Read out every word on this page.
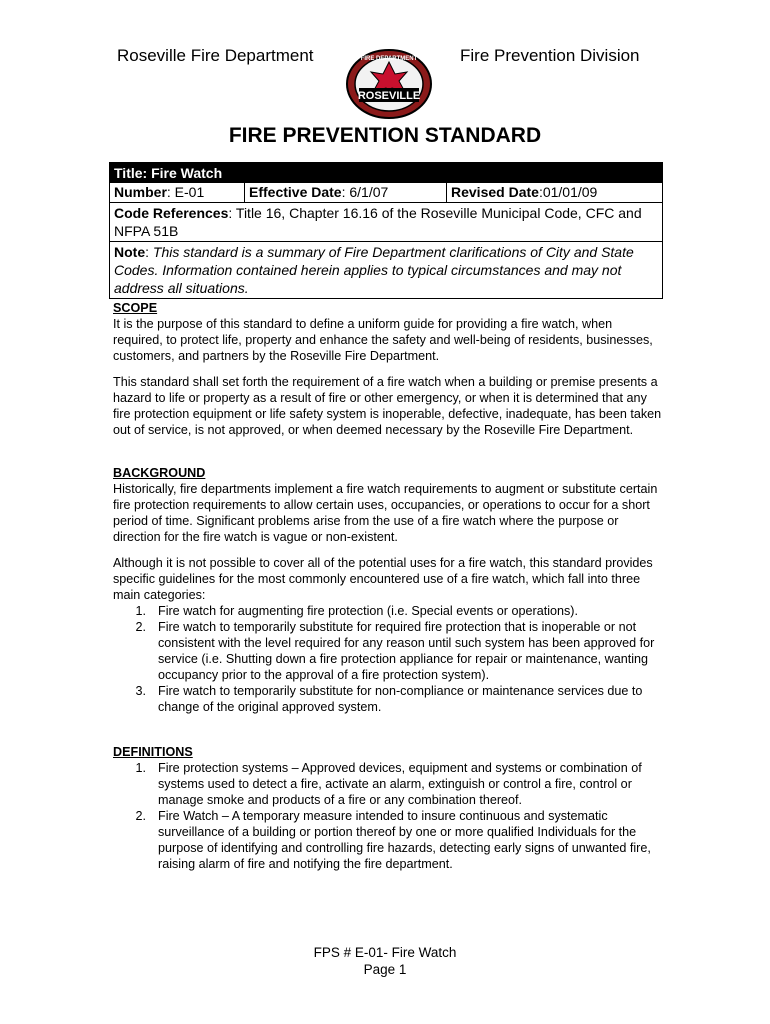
Roseville Fire Department	Fire Prevention Division
FIRE DEPARTMENT
ROSEVILLE
FIRE PREVENTION STANDARD
Title: Fire Watch
Number: E-01	Effective Date: 6/1/07	Revised Date:01/01/09
Code References: Title 16, Chapter 16.16 of the Roseville Municipal Code, CFC and NFPA 51B
Note: This standard is a summary of Fire Department clarifications of City and State Codes. Information contained herein applies to typical circumstances and may not address all situations.
SCOPE

It is the purpose of this standard to define a uniform guide for providing a fire watch, when required, to protect life, property and enhance the safety and well-being of residents, businesses, customers, and partners by the Roseville Fire Department.

This standard shall set forth the requirement of a fire watch when a building or premise presents a hazard to life or property as a result of fire or other emergency, or when it is determined that any fire protection equipment or life safety system is inoperable, defective, inadequate, has been taken out of service, is not approved, or when deemed necessary by the Roseville Fire Department.

BACKGROUND

Historically, fire departments implement a fire watch requirements to augment or substitute certain fire protection requirements to allow certain uses, occupancies, or operations to occur for a short period of time. Significant problems arise from the use of a fire watch where the purpose or direction for the fire watch is vague or non-existent.

Although it is not possible to cover all of the potential uses for a fire watch, this standard provides specific guidelines for the most commonly encountered use of a fire watch, which fall into three main categories:

1. Fire watch for augmenting fire protection (i.e. Special events or operations).
2. Fire watch to temporarily substitute for required fire protection that is inoperable or not consistent with the level required for any reason until such system has been approved for service (i.e. Shutting down a fire protection appliance for repair or maintenance, wanting occupancy prior to the approval of a fire protection system).
3. Fire watch to temporarily substitute for non-compliance or maintenance services due to change of the original approved system.
DEFINITIONS
1. Fire protection systems – Approved devices, equipment and systems or combination of systems used to detect a fire, activate an alarm, extinguish or control a fire, control or manage smoke and products of a fire or any combination thereof.
2. Fire Watch – A temporary measure intended to insure continuous and systematic surveillance of a building or portion thereof by one or more qualified Individuals for the purpose of identifying and controlling fire hazards, detecting early signs of unwanted fire, raising alarm of fire and notifying the fire department.
FPS # E-01- Fire Watch
Page 1
